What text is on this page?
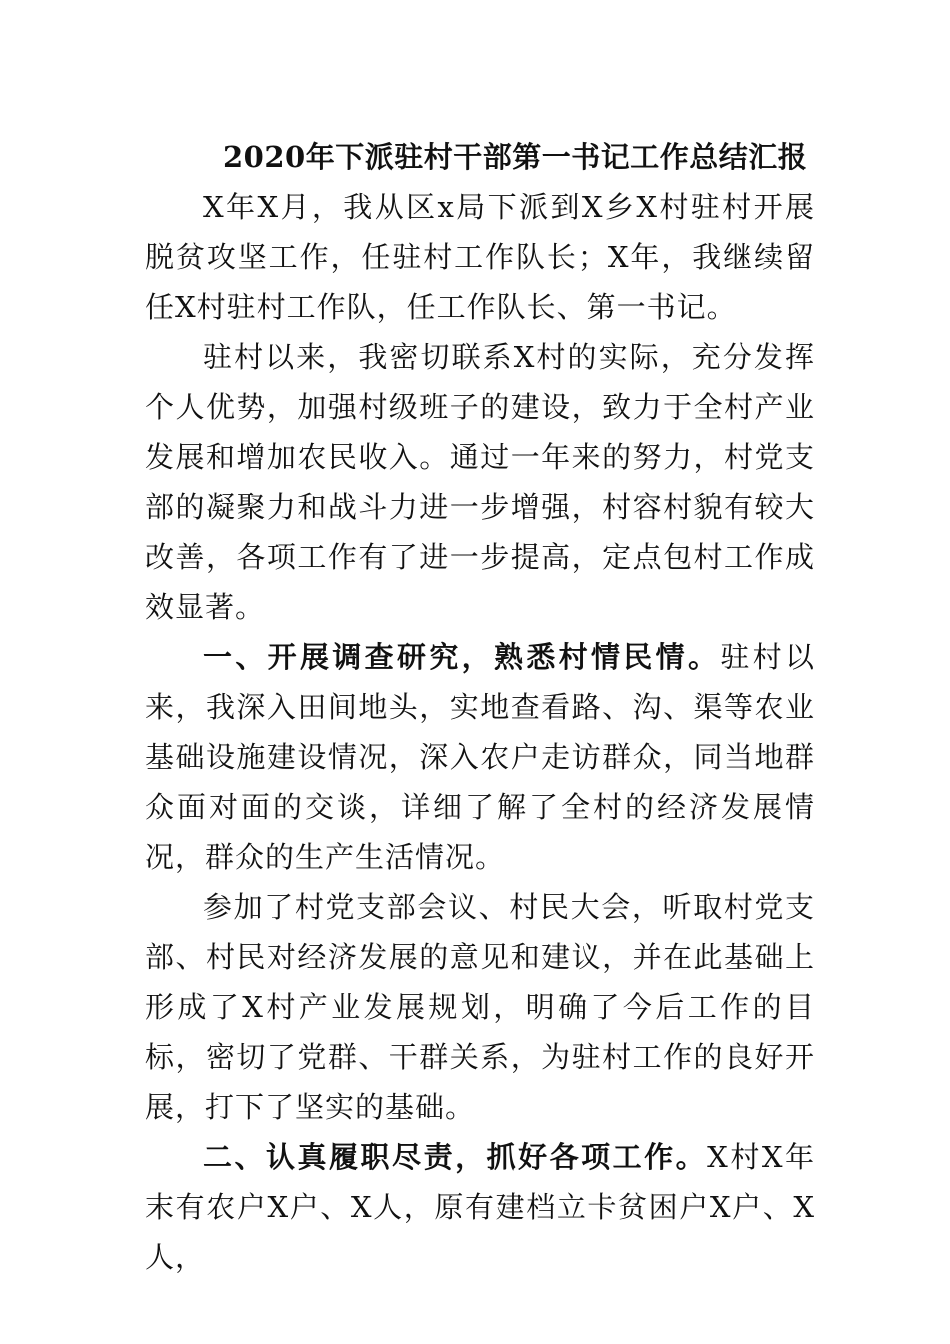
2020年下派驻村干部第一书记工作总结汇报

X年X月，我从区x局下派到X乡X村驻村开展脱贫攻坚工作，任驻村工作队长；X年，我继续留任X村驻村工作队，任工作队长、第一书记。

驻村以来，我密切联系X村的实际，充分发挥个人优势，加强村级班子的建设，致力于全村产业发展和增加农民收入。通过一年来的努力，村党支部的凝聚力和战斗力进一步增强，村容村貌有较大改善，各项工作有了进一步提高，定点包村工作成效显著。

一、开展调查研究，熟悉村情民情。驻村以来，我深入田间地头，实地查看路、沟、渠等农业基础设施建设情况，深入农户走访群众，同当地群众面对面的交谈，详细了解了全村的经济发展情况，群众的生产生活情况。

参加了村党支部会议、村民大会，听取村党支部、村民对经济发展的意见和建议，并在此基础上形成了X村产业发展规划，明确了今后工作的目标，密切了党群、干群关系，为驻村工作的良好开展，打下了坚实的基础。

二、认真履职尽责，抓好各项工作。X村X年末有农户X户、X人，原有建档立卡贫困户X户、X人，
